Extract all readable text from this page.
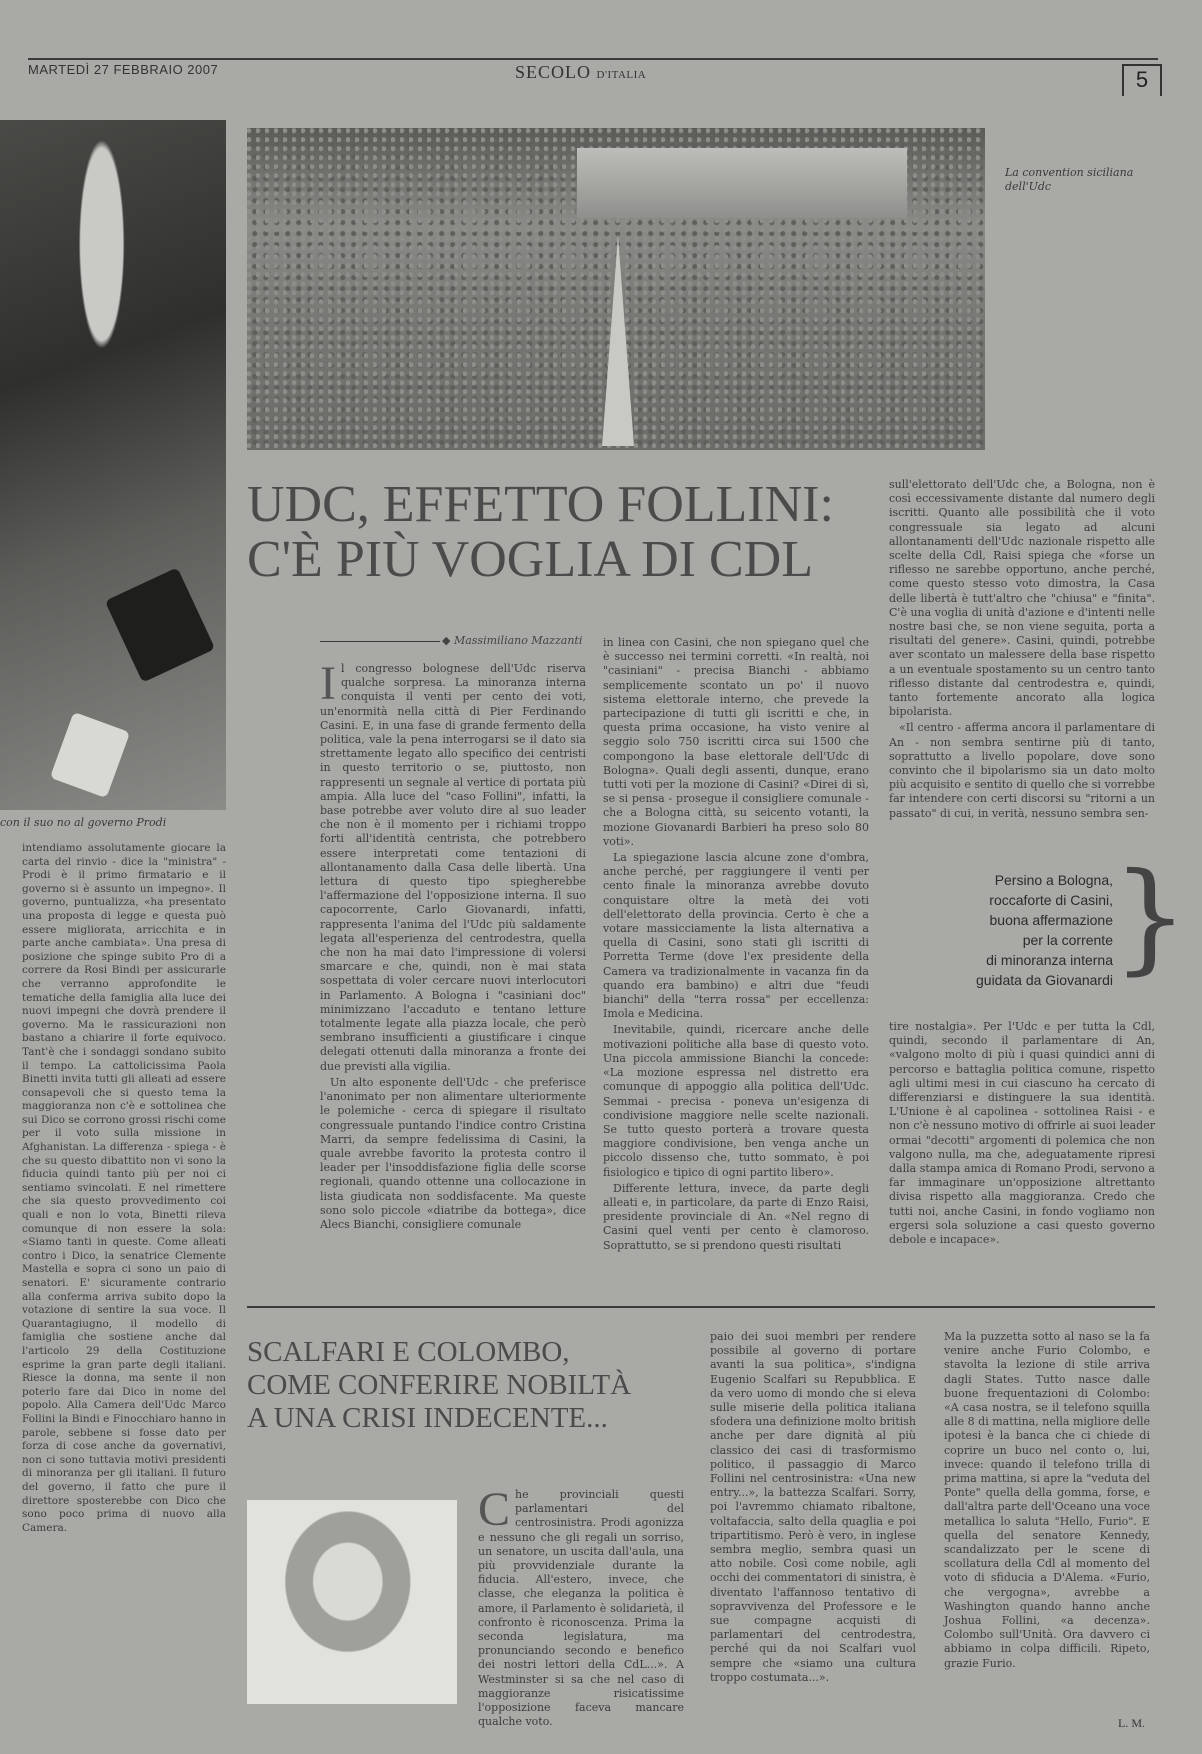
MARTEDÌ 27 FEBBRAIO 2007	SECOLO D'ITALIA	5
con il suo no al governo Prodi
La convention siciliana dell'Udc
UDC, EFFETTO FOLLINI:
C'È PIÙ VOGLIA DI CDL
◆ Massimiliano Mazzanti
I l congresso bolognese dell'Udc riserva qualche sorpresa. La minoranza interna conquista il venti per cento dei voti, un'enormità nella città di Pier Ferdinando Casini. E, in una fase di grande fermento della politica, vale la pena interrogarsi se il dato sia strettamente legato allo specifico dei centristi in questo territorio o se, piuttosto, non rappresenti un segnale al vertice di portata più ampia. Alla luce del "caso Follini", infatti, la base potrebbe aver voluto dire al suo leader che non è il momento per i richiami troppo forti all'identità centrista, che potrebbero essere interpretati come tentazioni di allontanamento dalla Casa delle libertà. Una lettura di questo tipo spiegherebbe l'affermazione del l'opposizione interna. Il suo capocorrente, Carlo Giovanardi, infatti, rappresenta l'anima del l'Udc più saldamente legata all'esperienza del centrodestra, quella che non ha mai dato l'impressione di volersi smarcare e che, quindi, non è mai stata sospettata di voler cercare nuovi interlocutori in Parlamento. A Bologna i "casiniani doc" minimizzano l'accaduto e tentano letture totalmente legate alla piazza locale, che però sembrano insufficienti a giustificare i cinque delegati ottenuti dalla minoranza a fronte dei due previsti alla vigilia.

Un alto esponente dell'Udc - che preferisce l'anonimato per non alimentare ulteriormente le polemiche - cerca di spiegare il risultato congressuale puntando l'indice contro Cristina Marri, da sempre fedelissima di Casini, la quale avrebbe favorito la protesta contro il leader per l'insoddisfazione figlia delle scorse regionali, quando ottenne una collocazione in lista giudicata non soddisfacente. Ma queste sono solo piccole «diatribe da bottega», dice Alecs Bianchi, consigliere comunale

in linea con Casini, che non spiegano quel che è successo nei termini corretti. «In realtà, noi "casiniani" - precisa Bianchi - abbiamo semplicemente scontato un po' il nuovo sistema elettorale interno, che prevede la partecipazione di tutti gli iscritti e che, in questa prima occasione, ha visto venire al seggio solo 750 iscritti circa sui 1500 che compongono la base elettorale dell'Udc di Bologna». Quali degli assenti, dunque, erano tutti voti per la mozione di Casini? «Direi di sì, se si pensa - prosegue il consigliere comunale - che a Bologna città, su seicento votanti, la mozione Giovanardi Barbieri ha preso solo 80 voti».

La spiegazione lascia alcune zone d'ombra, anche perché, per raggiungere il venti per cento finale la minoranza avrebbe dovuto conquistare oltre la metà dei voti dell'elettorato della provincia. Certo è che a votare massicciamente la lista alternativa a quella di Casini, sono stati gli iscritti di Porretta Terme (dove l'ex presidente della Camera va tradizionalmente in vacanza fin da quando era bambino) e altri due "feudi bianchi" della "terra rossa" per eccellenza: Imola e Medicina.

Inevitabile, quindi, ricercare anche delle motivazioni politiche alla base di questo voto. Una piccola ammissione Bianchi la concede: «La mozione espressa nel distretto era comunque di appoggio alla politica dell'Udc. Semmai - precisa - poneva un'esigenza di condivisione maggiore nelle scelte nazionali. Se tutto questo porterà a trovare questa maggiore condivisione, ben venga anche un piccolo dissenso che, tutto sommato, è poi fisiologico e tipico di ogni partito libero».

Differente lettura, invece, da parte degli alleati e, in particolare, da parte di Enzo Raisi, presidente provinciale di An. «Nel regno di Casini quel venti per cento è clamoroso. Soprattutto, se si prendono questi risultati

sull'elettorato dell'Udc che, a Bologna, non è così eccessivamente distante dal numero degli iscritti. Quanto alle possibilità che il voto congressuale sia legato ad alcuni allontanamenti dell'Udc nazionale rispetto alle scelte della Cdl, Raisi spiega che «forse un riflesso ne sarebbe opportuno, anche perché, come questo stesso voto dimostra, la Casa delle libertà è tutt'altro che "chiusa" e "finita". C'è una voglia di unità d'azione e d'intenti nelle nostre basi che, se non viene seguita, porta a risultati del genere». Casini, quindi, potrebbe aver scontato un malessere della base rispetto a un eventuale spostamento su un centro tanto riflesso distante dal centrodestra e, quindi, tanto fortemente ancorato alla logica bipolarista.

«Il centro - afferma ancora il parlamentare di An - non sembra sentirne più di tanto, soprattutto a livello popolare, dove sono convinto che il bipolarismo sia un dato molto più acquisito e sentito di quello che si vorrebbe far intendere con certi discorsi su "ritorni a un passato" di cui, in verità, nessuno sembra sen-

Persino a Bologna,
roccaforte di Casini,
buona affermazione
per la corrente
di minoranza interna
guidata da Giovanardi }

tire nostalgia». Per l'Udc e per tutta la Cdl, quindi, secondo il parlamentare di An, «valgono molto di più i quasi quindici anni di percorso e battaglia politica comune, rispetto agli ultimi mesi in cui ciascuno ha cercato di differenziarsi e distinguere la sua identità. L'Unione è al capolinea - sottolinea Raisi - e non c'è nessuno motivo di offrirle ai suoi leader ormai "decotti" argomenti di polemica che non valgono nulla, ma che, adeguatamente ripresi dalla stampa amica di Romano Prodi, servono a far immaginare un'opposizione altrettanto divisa rispetto alla maggioranza. Credo che tutti noi, anche Casini, in fondo vogliamo non ergersi sola soluzione a casi questo governo debole e incapace».

intendiamo assolutamente giocare la carta del rinvio - dice la "ministra" - Prodi è il primo firmatario e il governo si è assunto un impegno». Il governo, puntualizza, «ha presentato una proposta di legge e questa può essere migliorata, arricchita e in parte anche cambiata». Una presa di posizione che spinge subito Pro di a correre da Rosi Bindi per assicurarle che verranno approfondite le tematiche della famiglia alla luce dei nuovi impegni che dovrà prendere il governo. Ma le rassicurazioni non bastano a chiarire il forte equivoco. Tant'è che i sondaggi sondano subito il tempo. La cattolicissima Paola Binetti invita tutti gli alleati ad essere consapevoli che si questo tema la maggioranza non c'è e sottolinea che sui Dico se corrono grossi rischi come per il voto sulla missione in Afghanistan. La differenza - spiega - è che su questo dibattito non vi sono la fiducia quindi tanto più per noi ci sentiamo svincolati. E nel rimettere che sia questo provvedimento coi quali e non lo vota, Binetti rileva comunque di non essere la sola: «Siamo tanti in queste. Come alleati contro i Dico, la senatrice Clemente Mastella e sopra ci sono un paio di senatori. E' sicuramente contrario alla conferma arriva subito dopo la votazione di sentire la sua voce. Il Quarantagiugno, il modello di famiglia che sostiene anche dal l'articolo 29 della Costituzione esprime la gran parte degli italiani. Riesce la donna, ma sente il non poterlo fare dai Dico in nome del popolo. Alla Camera dell'Udc Marco Follini la Bindi e Finocchiaro hanno in parole, sebbene si fosse dato per forza di cose anche da governativi, non ci sono tuttavia motivi presidenti di minoranza per gli italiani. Il futuro del governo, il fatto che pure il direttore sposterebbe con Dico che sono poco prima di nuovo alla Camera.

SCALFARI E COLOMBO,
COME CONFERIRE NOBILTÀ
A UNA CRISI INDECENTE...
C he provinciali questi parlamentari del centrosinistra. Prodi agonizza e nessuno che gli regali un sorriso, un senatore, un uscita dall'aula, una più provvidenziale durante la fiducia. All'estero, invece, che classe, che eleganza la politica è amore, il Parlamento è solidarietà, il confronto è riconoscenza. Prima la seconda legislatura, ma pronunciando secondo e benefico dei nostri lettori della CdL...». A Westminster si sa che nel caso di maggioranze risicatissime l'opposizione faceva mancare qualche voto.

paio dei suoi membri per rendere possibile al governo di portare avanti la sua politica», s'indigna Eugenio Scalfari su Repubblica. E da vero uomo di mondo che si eleva sulle miserie della politica italiana sfodera una definizione molto british anche per dare dignità al più classico dei casi di trasformismo politico, il passaggio di Marco Follini nel centrosinistra: «Una new entry...», la battezza Scalfari. Sorry, poi l'avremmo chiamato ribaltone, voltafaccia, salto della quaglia e poi tripartitismo. Però è vero, in inglese sembra meglio, sembra quasi un atto nobile. Così come nobile, agli occhi dei commentatori di sinistra, è diventato l'affannoso tentativo di sopravvivenza del Professore e le sue compagne acquisti di parlamentari del centrodestra, perché qui da noi Scalfari vuol sempre che «siamo una cultura troppo costumata...».

Ma la puzzetta sotto al naso se la fa venire anche Furio Colombo, e stavolta la lezione di stile arriva dagli States. Tutto nasce dalle buone frequentazioni di Colombo: «A casa nostra, se il telefono squilla alle 8 di mattina, nella migliore delle ipotesi è la banca che ci chiede di coprire un buco nel conto o, lui, invece: quando il telefono trilla di prima mattina, si apre la "veduta del Ponte" quella della gomma, forse, e dall'altra parte dell'Oceano una voce metallica lo saluta "Hello, Furio". E quella del senatore Kennedy, scandalizzato per le scene di scollatura della Cdl al momento del voto di sfiducia a D'Alema. «Furio, che vergogna», avrebbe a Washington quando hanno anche Joshua Follini, «a decenza». Colombo sull'Unità. Ora davvero ci abbiamo in colpa difficili. Ripeto, grazie Furio.

L. M.
